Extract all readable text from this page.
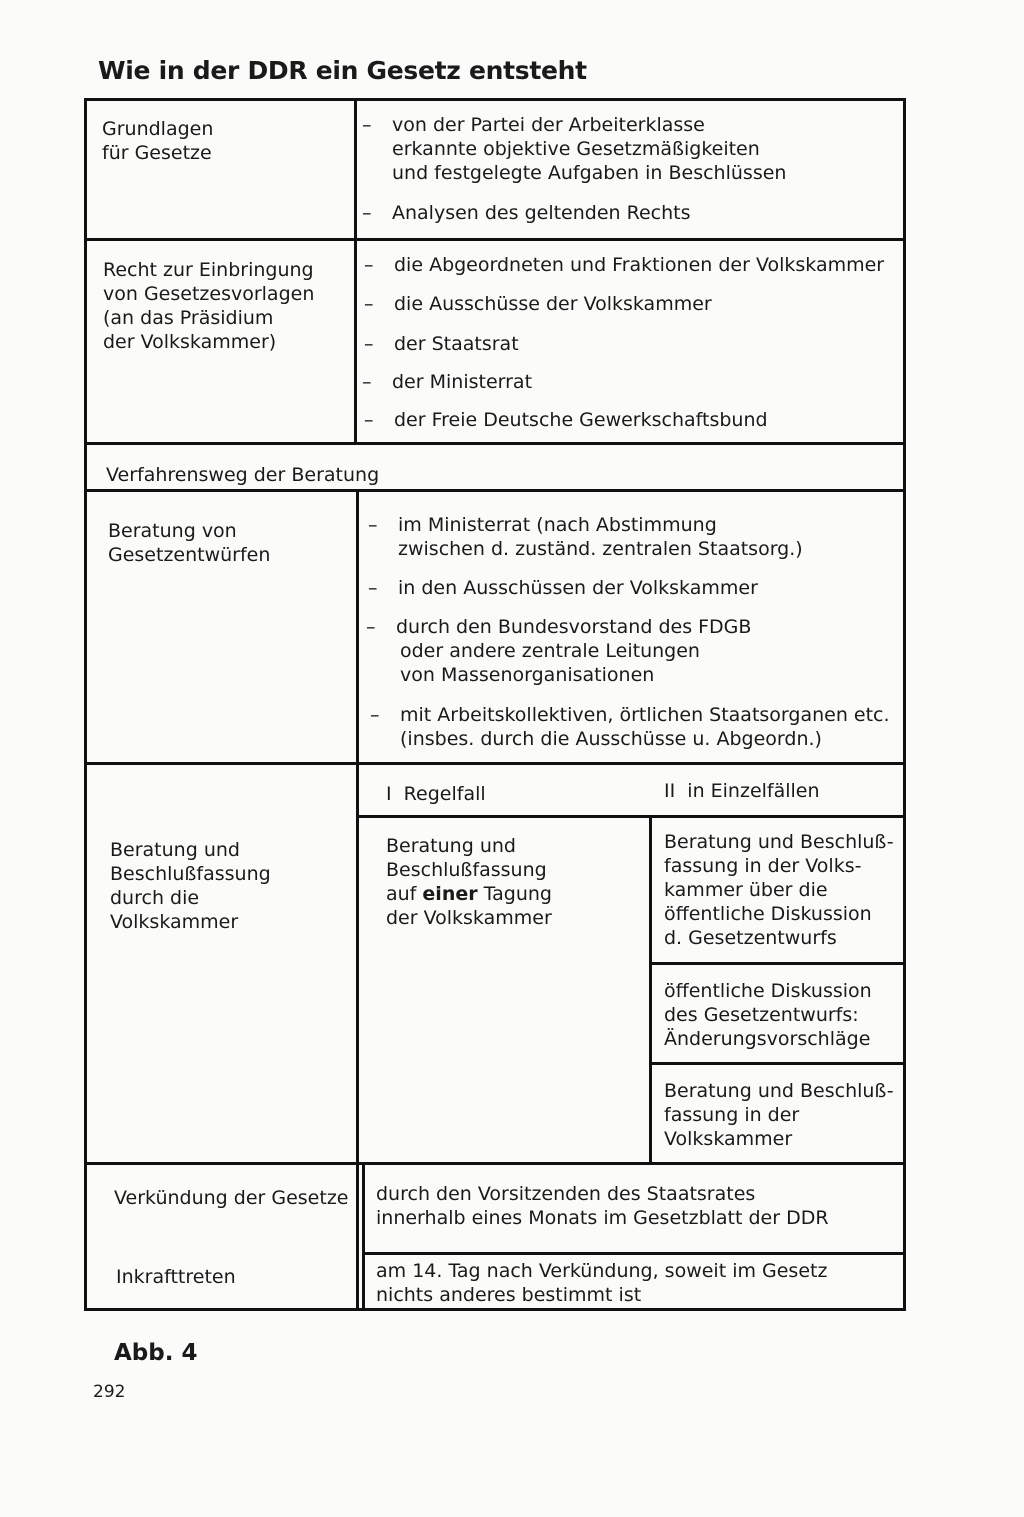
Wie in der DDR ein Gesetz entsteht
Grundlagen
für Gesetze
– von der Partei der Arbeiterklasse
erkannte objektive Gesetzmäßigkeiten
und festgelegte Aufgaben in Beschlüssen
– Analysen des geltenden Rechts
Recht zur Einbringung
von Gesetzesvorlagen
(an das Präsidium
der Volkskammer)
– die Abgeordneten und Fraktionen der Volkskammer
– die Ausschüsse der Volkskammer
– der Staatsrat
– der Ministerrat
– der Freie Deutsche Gewerkschaftsbund
Verfahrensweg der Beratung
Beratung von
Gesetzentwürfen
– im Ministerrat (nach Abstimmung
zwischen d. zuständ. zentralen Staatsorg.)
– in den Ausschüssen der Volkskammer
– durch den Bundesvorstand des FDGB
oder andere zentrale Leitungen
von Massenorganisationen
– mit Arbeitskollektiven, örtlichen Staatsorganen etc.
(insbes. durch die Ausschüsse u. Abgeordn.)
Beratung und
Beschlußfassung
durch die
Volkskammer
I  Regelfall	II  in Einzelfällen
Beratung und
Beschlußfassung
auf einer Tagung
der Volkskammer
Beratung und Beschluß-
fassung in der Volks-
kammer über die
öffentliche Diskussion
d. Gesetzentwurfs
öffentliche Diskussion
des Gesetzentwurfs:
Änderungsvorschläge
Beratung und Beschluß-
fassung in der
Volkskammer
Verkündung der Gesetze durch den Vorsitzenden des Staatsrates
innerhalb eines Monats im Gesetzblatt der DDR
Inkrafttreten	am 14. Tag nach Verkündung, soweit im Gesetz
nichts anderes bestimmt ist
Abb. 4
292
